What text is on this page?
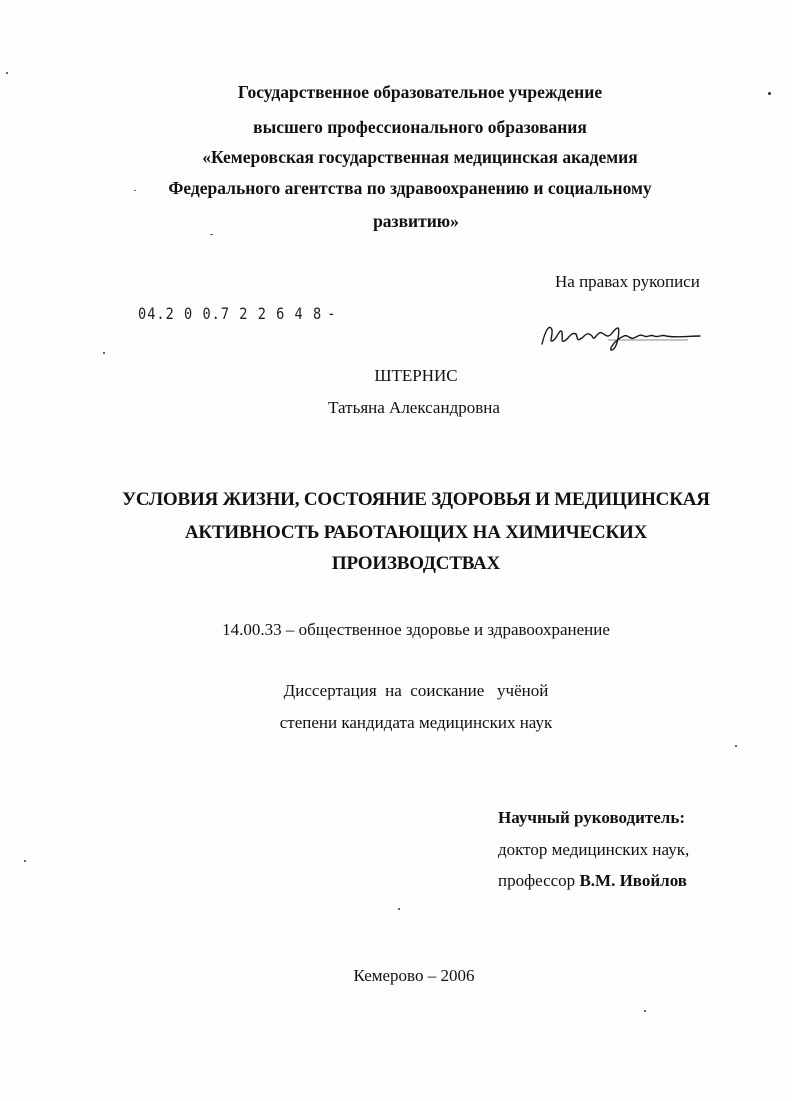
Государственное образовательное учреждение
высшего профессионального образования
«Кемеровская государственная медицинская академия
Федерального агентства по здравоохранению и социальному
развитию»
На правах рукописи
04.2 0 0.7 2 2 6 4 8 -
ШТЕРНИС
Татьяна Александровна
УСЛОВИЯ ЖИЗНИ, СОСТОЯНИЕ ЗДОРОВЬЯ И МЕДИЦИНСКАЯ
АКТИВНОСТЬ РАБОТАЮЩИХ НА ХИМИЧЕСКИХ
ПРОИЗВОДСТВАХ
14.00.33 – общественное здоровье и здравоохранение
Диссертация  на  соискание   учёной
степени кандидата медицинских наук
Научный руководитель:
доктор медицинских наук,
профессор В.М. Ивойлов
Кемерово – 2006
